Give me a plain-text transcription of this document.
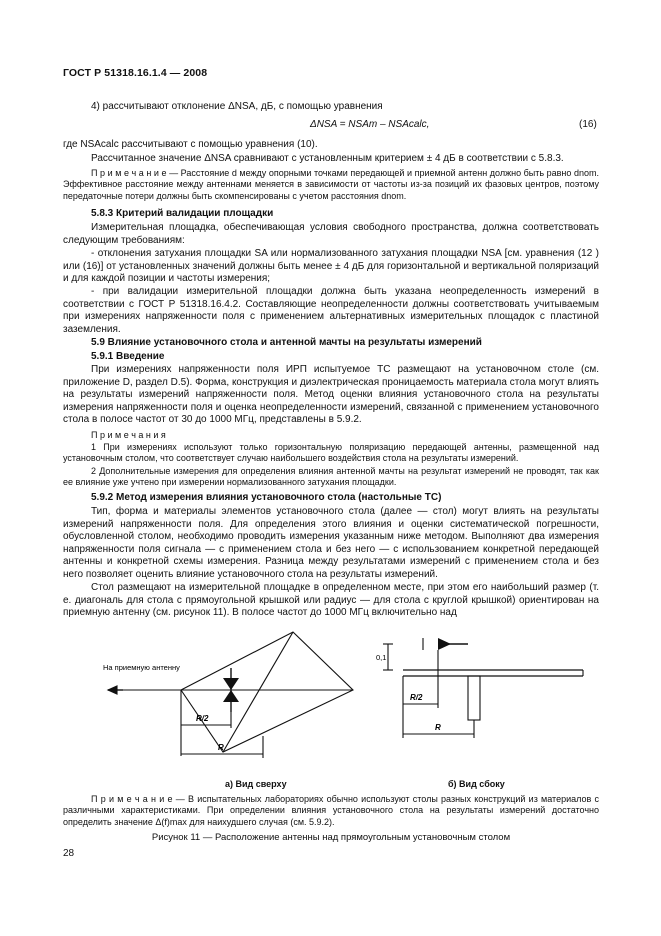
ГОСТ Р 51318.16.1.4 — 2008
4) рассчитывают отклонение ΔNSA, дБ, с помощью уравнения
ΔNSA = NSAm – NSAcalc,	(16)
где NSAcalc рассчитывают с помощью уравнения (10).
Рассчитанное значение ΔNSA сравнивают с установленным критерием ± 4 дБ в соответствии с 5.8.3.
П р и м е ч а н и е — Расстояние d между опорными точками передающей и приемной антенн должно быть равно dnom. Эффективное расстояние между антеннами меняется в зависимости от частоты из-за позиций их фазовых центров, поэтому передаточные потери должны быть скомпенсированы с учетом расстояния dnom.
5.8.3 Критерий валидации площадки
Измерительная площадка, обеспечивающая условия свободного пространства, должна соответствовать следующим требованиям:
- отклонения затухания площадки SA или нормализованного затухания площадки NSA [см. уравнения (12 ) или (16)] от установленных значений должны быть менее ± 4 дБ для горизонтальной и вертикальной поляризаций и для каждой позиции и частоты измерения;
- при валидации измерительной площадки должна быть указана неопределенность измерений в соответствии с ГОСТ Р 51318.16.4.2. Составляющие неопределенности должны соответствовать учитываемым при измерениях напряженности поля с применением альтернативных измерительных площадок с пластиной заземления.
5.9 Влияние установочного стола и антенной мачты на результаты измерений
5.9.1 Введение
При измерениях напряженности поля ИРП испытуемое ТС размещают на установочном столе (см. приложение D, раздел D.5). Форма, конструкция и диэлектрическая проницаемость материала стола могут влиять на результаты измерений напряженности поля. Метод оценки влияния установочного стола на результаты измерения напряженности поля и оценка неопределенности измерений, связанной с применением установочного стола в полосе частот от 30 до 1000 МГц, представлены в 5.9.2.
П р и м е ч а н и я
1 При измерениях используют только горизонтальную поляризацию передающей антенны, размещенной над установочным столом, что соответствует случаю наибольшего воздействия стола на результаты измерений.
2 Дополнительные измерения для определения влияния антенной мачты на результат измерений не проводят, так как ее влияние уже учтено при измерении нормализованного затухания площадки.
5.9.2 Метод измерения влияния установочного стола (настольные ТС)
Тип, форма и материалы элементов установочного стола (далее — стол) могут влиять на результаты измерений напряженности поля. Для определения этого влияния и оценки систематической погрешности, обусловленной столом, необходимо проводить измерения указанным ниже методом. Выполняют два измерения напряженности поля сигнала — с применением стола и без него — с использованием конкретной передающей антенны и конкретной схемы измерения. Разница между результатами измерений с применением стола и без него позволяет оценить влияние установочного стола на результаты измерений.
Стол размещают на измерительной площадке в определенном месте, при этом его наибольший размер (т. е. диагональ для стола с прямоугольной крышкой или радиус — для стола с круглой крышкой) ориентирован на приемную антенну (см. рисунок 11). В полосе частот до 1000 МГц включительно над
На приемную антенну
R/2
R
0,1
R/2
R
а) Вид сверху	б) Вид сбоку
П р и м е ч а н и е — В испытательных лабораториях обычно используют столы разных конструкций из материалов с различными характеристиками. При определении влияния установочного стола на результаты измерений достаточно определить значение Δ(f)max для наихудшего случая (см. 5.9.2).
Рисунок 11 — Расположение антенны над прямоугольным установочным столом
28
